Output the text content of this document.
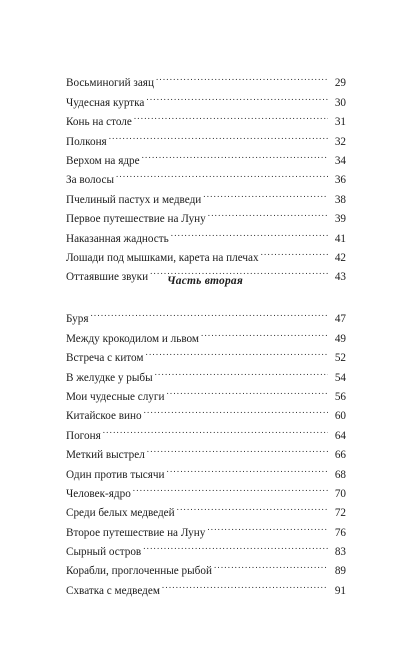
Восьминогий заяц .....	29
Чудесная куртка .....	30
Конь на столе .....	31
Полконя .....	32
Верхом на ядре .....	34
За волосы .....	36
Пчелиный пастух и медведи .....	38
Первое путешествие на Луну .....	39
Наказанная жадность .....	41
Лошади под мышками, карета на плечах .....	42
Оттаявшие звуки .....	43
Часть вторая
Буря .....	47
Между крокодилом и львом .....	49
Встреча с китом .....	52
В желудке у рыбы .....	54
Мои чудесные слуги .....	56
Китайское вино .....	60
Погоня .....	64
Меткий выстрел .....	66
Один против тысячи .....	68
Человек-ядро .....	70
Среди белых медведей .....	72
Второе путешествие на Луну .....	76
Сырный остров .....	83
Корабли, проглоченные рыбой .....	89
Схватка с медведем .....	91
